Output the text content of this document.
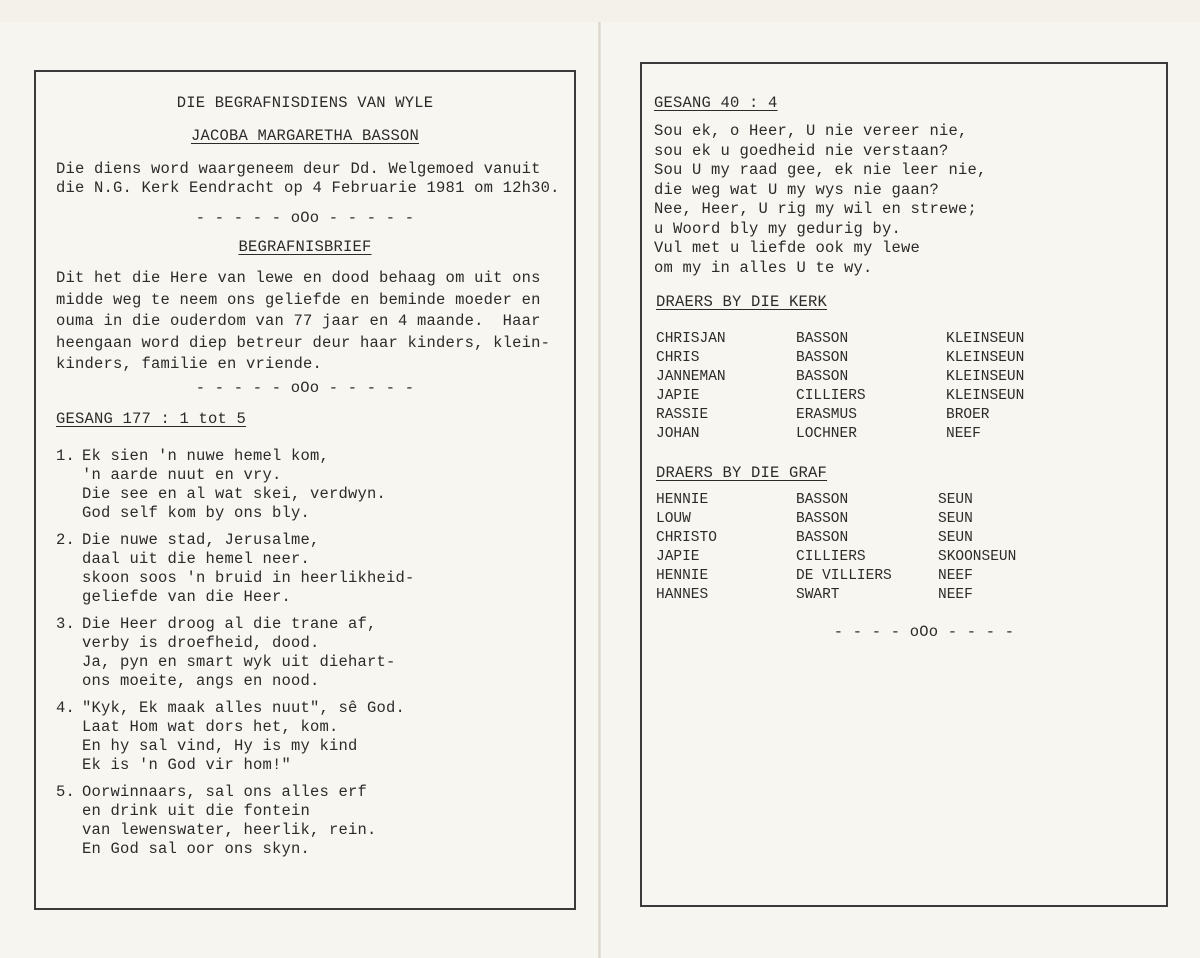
DIE BEGRAFNISDIENS VAN WYLE
JACOBA MARGARETHA BASSON
Die diens word waargeneem deur Dd. Welgemoed vanuit
die N.G. Kerk Eendracht op 4 Februarie 1981 om 12h30.
- - - - - oOo - - - - -
BEGRAFNISBRIEF
Dit het die Here van lewe en dood behaag om uit ons
midde weg te neem ons geliefde en beminde moeder en
ouma in die ouderdom van 77 jaar en 4 maande.  Haar
heengaan word diep betreur deur haar kinders, klein-
kinders, familie en vriende.
- - - - - oOo - - - - -
GESANG 177 : 1 tot 5
1. Ek sien 'n nuwe hemel kom,
'n aarde nuut en vry.
Die see en al wat skei, verdwyn.
God self kom by ons bly.
2. Die nuwe stad, Jerusalme,
daal uit die hemel neer.
skoon soos 'n bruid in heerlikheid-
geliefde van die Heer.
3. Die Heer droog al die trane af,
verby is droefheid, dood.
Ja, pyn en smart wyk uit diehart-
ons moeite, angs en nood.
4. "Kyk, Ek maak alles nuut", sê God.
Laat Hom wat dors het, kom.
En hy sal vind, Hy is my kind
Ek is 'n God vir hom!"
5. Oorwinnaars, sal ons alles erf
en drink uit die fontein
van lewenswater, heerlik, rein.
En God sal oor ons skyn.
GESANG 40 : 4
Sou ek, o Heer, U nie vereer nie,
sou ek u goedheid nie verstaan?
Sou U my raad gee, ek nie leer nie,
die weg wat U my wys nie gaan?
Nee, Heer, U rig my wil en strewe;
u Woord bly my gedurig by.
Vul met u liefde ook my lewe
om my in alles U te wy.
DRAERS BY DIE KERK
CHRISJAN	BASSON	KLEINSEUN
CHRIS	BASSON	KLEINSEUN
JANNEMAN	BASSON	KLEINSEUN
JAPIE	CILLIERS	KLEINSEUN
RASSIE	ERASMUS	BROER
JOHAN	LOCHNER	NEEF
DRAERS BY DIE GRAF
HENNIE	BASSON	SEUN
LOUW	BASSON	SEUN
CHRISTO	BASSON	SEUN
JAPIE	CILLIERS	SKOONSEUN
HENNIE	DE VILLIERS	NEEF
HANNES	SWART	NEEF
- - - - oOo - - - -
